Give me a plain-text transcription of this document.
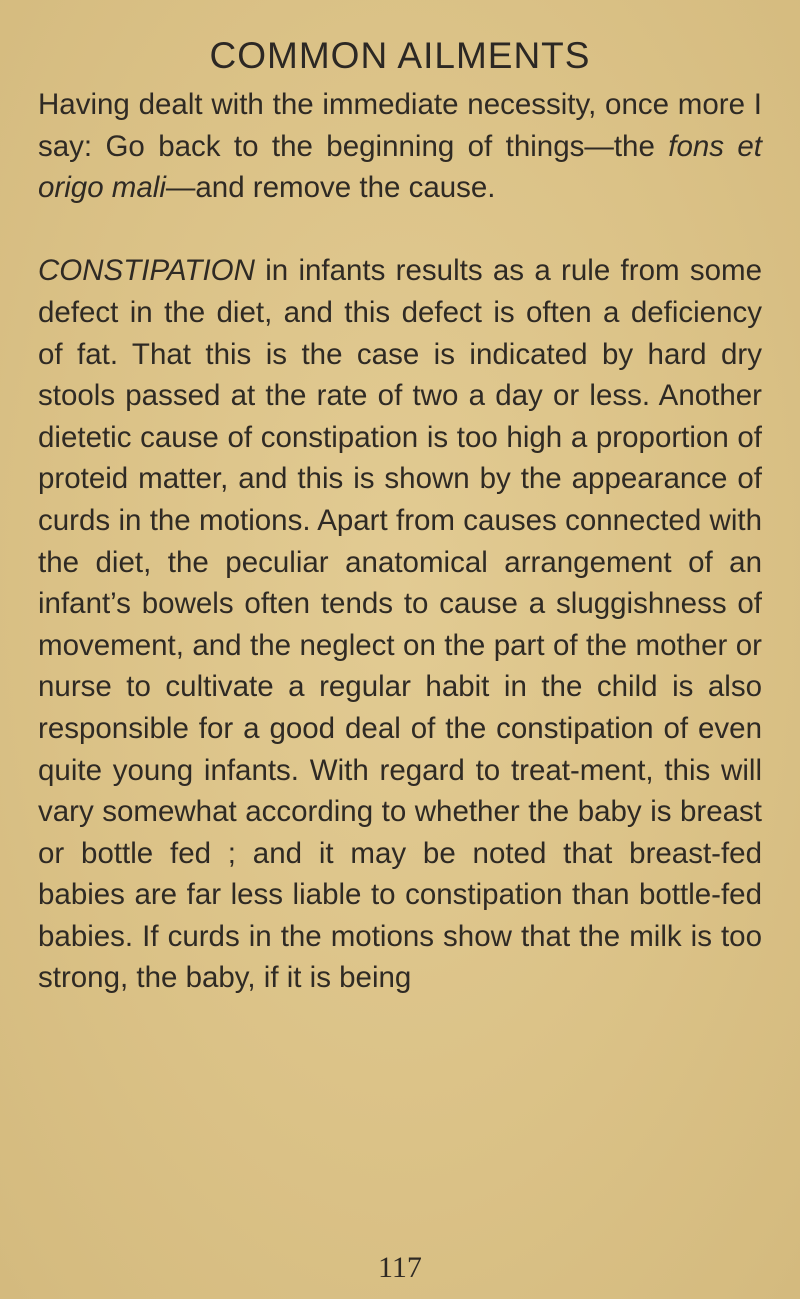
COMMON AILMENTS

Having dealt with the immediate necessity, once more I say: Go back to the beginning of things—the fons et origo mali—and remove the cause.

CONSTIPATION in infants results as a rule from some defect in the diet, and this defect is often a deficiency of fat. That this is the case is indicated by hard dry stools passed at the rate of two a day or less. Another dietetic cause of constipation is too high a proportion of proteid matter, and this is shown by the appearance of curds in the motions. Apart from causes connected with the diet, the peculiar anatomical arrangement of an infant’s bowels often tends to cause a sluggishness of movement, and the neglect on the part of the mother or nurse to cultivate a regular habit in the child is also responsible for a good deal of the constipation of even quite young infants. With regard to treat-ment, this will vary somewhat according to whether the baby is breast or bottle fed ; and it may be noted that breast-fed babies are far less liable to constipation than bottle-fed babies. If curds in the motions show that the milk is too strong, the baby, if it is being

117
